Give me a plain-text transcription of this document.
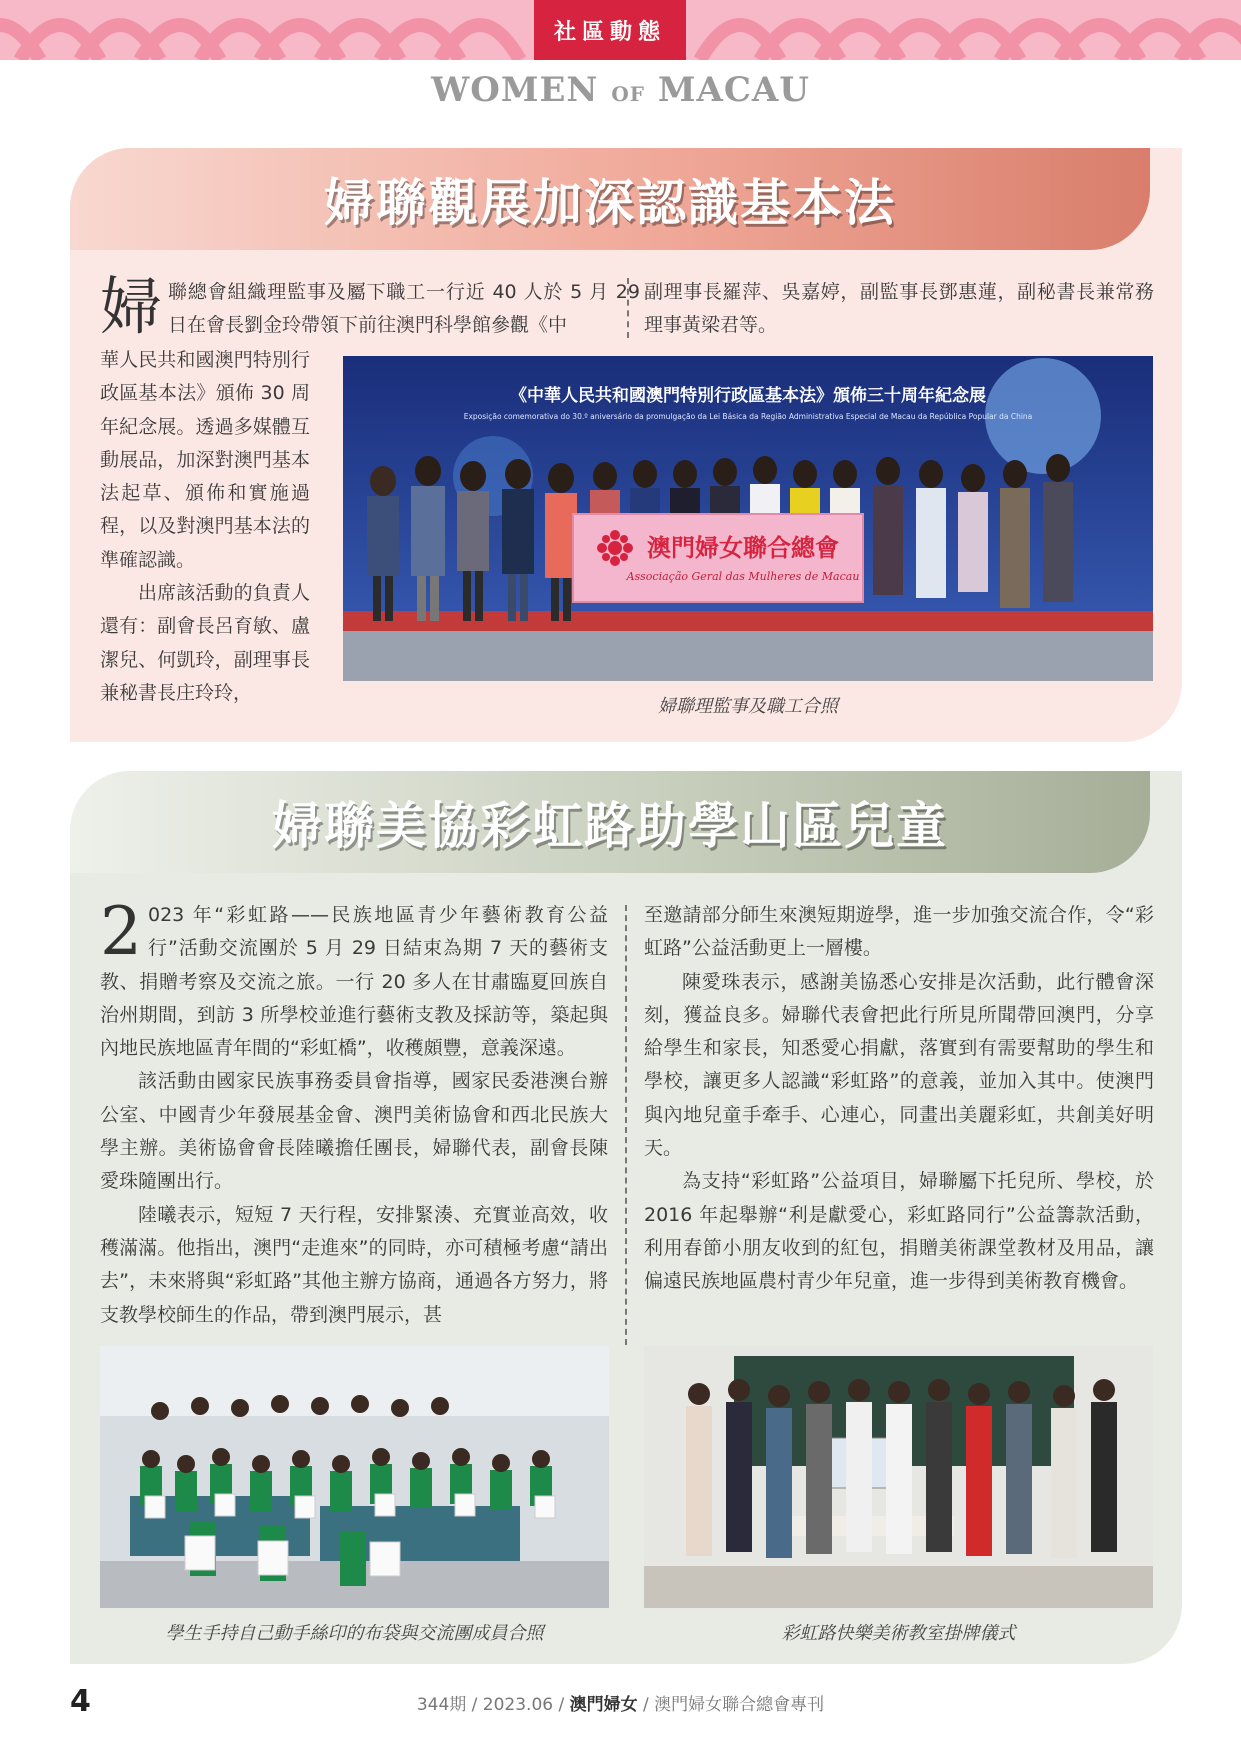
社區動態
WOMEN OF MACAU
婦聯觀展加深認識基本法
婦 聯總會組織理監事及屬下職工一行近 40 人於 5 月 29 日在會長劉金玲帶領下前往澳門科學館參觀《中

華人民共和國澳門特別行政區基本法》頒佈 30 周年紀念展。透過多媒體互動展品，加深對澳門基本法起草、頒佈和實施過程，以及對澳門基本法的準確認識。

出席該活動的負責人還有：副會長呂育敏、盧潔兒、何凱玲，副理事長兼秘書長庄玲玲，

副理事長羅萍、吳嘉婷，副監事長鄧惠蓮，副秘書長兼常務理事黃梁君等。
《中華人民共和國澳門特別行政區基本法》頒佈三十周年紀念展
Exposição comemorativa do 30.º aniversário da promulgação da Lei Básica da Região Administrativa Especial de Macau da República Popular da China
澳門婦女聯合總會
Associação Geral das Mulheres de Macau
婦聯理監事及職工合照
婦聯美協彩虹路助學山區兒童

2 023 年“彩虹路——民族地區青少年藝術教育公益行”活動交流團於 5 月 29 日結束為期 7 天的藝術支教、捐贈考察及交流之旅。一行 20 多人在甘肅臨夏回族自治州期間，到訪 3 所學校並進行藝術支教及採訪等，築起與內地民族地區青年間的“彩虹橋”，收穫頗豐，意義深遠。

該活動由國家民族事務委員會指導，國家民委港澳台辦公室、中國青少年發展基金會、澳門美術協會和西北民族大學主辦。美術協會會長陸曦擔任團長，婦聯代表，副會長陳愛珠隨團出行。

陸曦表示，短短 7 天行程，安排緊湊、充實並高效，收穫滿滿。他指出，澳門“走進來”的同時，亦可積極考慮“請出去”，未來將與“彩虹路”其他主辦方協商，通過各方努力，將支教學校師生的作品，帶到澳門展示，甚

至邀請部分師生來澳短期遊學，進一步加強交流合作，令“彩虹路”公益活動更上一層樓。

陳愛珠表示，感謝美協悉心安排是次活動，此行體會深刻，獲益良多。婦聯代表會把此行所見所聞帶回澳門，分享給學生和家長，知悉愛心捐獻，落實到有需要幫助的學生和學校，讓更多人認識“彩虹路”的意義，並加入其中。使澳門與內地兒童手牽手、心連心，同畫出美麗彩虹，共創美好明天。

為支持“彩虹路”公益項目，婦聯屬下托兒所、學校，於 2016 年起舉辦“利是獻愛心，彩虹路同行”公益籌款活動，利用春節小朋友收到的紅包，捐贈美術課堂教材及用品，讓偏遠民族地區農村青少年兒童，進一步得到美術教育機會。

學生手持自己動手絲印的布袋與交流團成員合照	彩虹路快樂美術教室掛牌儀式
4	344期 / 2023.06 / 澳門婦女 / 澳門婦女聯合總會專刊
